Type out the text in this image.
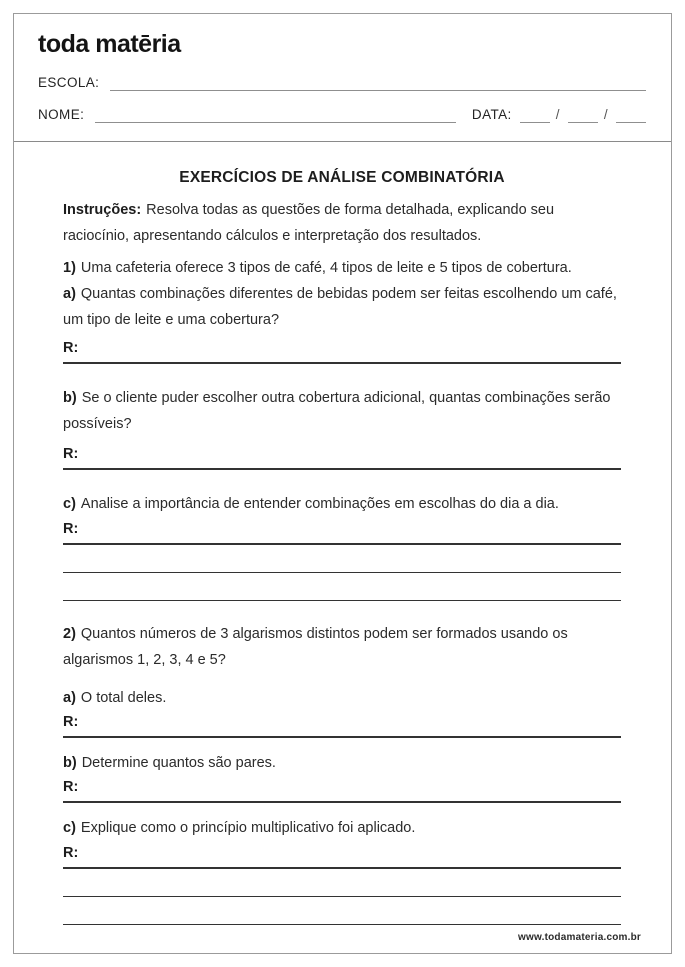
toda matēria
ESCOLA:
NOME:	DATA:	/	/
EXERCÍCIOS DE ANÁLISE COMBINATÓRIA

Instruções: Resolva todas as questões de forma detalhada, explicando seu raciocínio, apresentando cálculos e interpretação dos resultados.

1) Uma cafeteria oferece 3 tipos de café, 4 tipos de leite e 5 tipos de cobertura.

a) Quantas combinações diferentes de bebidas podem ser feitas escolhendo um café, um tipo de leite e uma cobertura?

R:

b) Se o cliente puder escolher outra cobertura adicional, quantas combinações serão possíveis?

R:

c) Analise a importância de entender combinações em escolhas do dia a dia.

R:

2) Quantos números de 3 algarismos distintos podem ser formados usando os algarismos 1, 2, 3, 4 e 5?

a) O total deles.

R:

b) Determine quantos são pares.

R:

c) Explique como o princípio multiplicativo foi aplicado.

R:
www.todamateria.com.br
